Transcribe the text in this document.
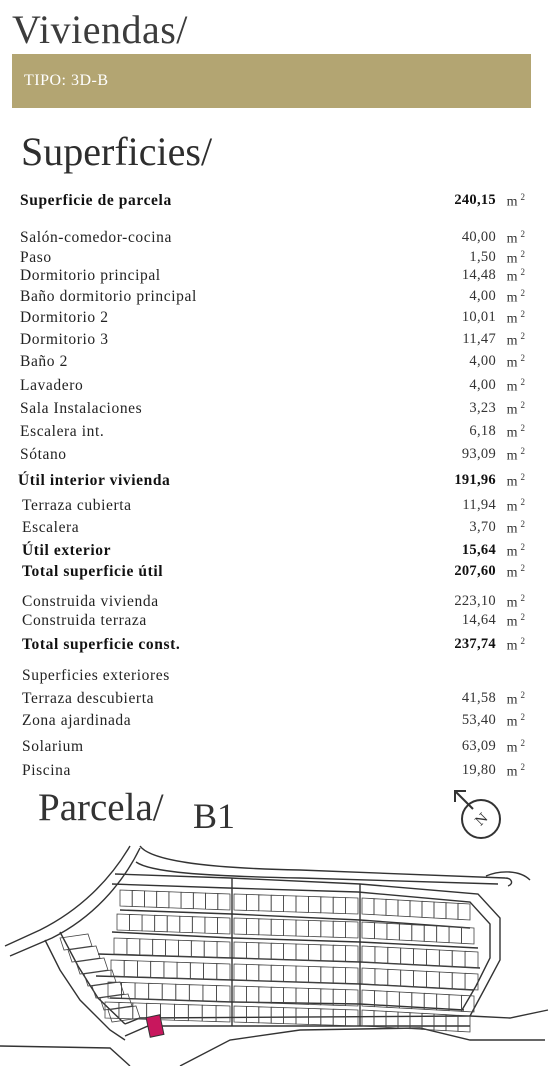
Viviendas/
TIPO: 3D-B
Superficies/
Superficie de parcela	240,15 m $^2$
Salón-comedor-cocina	40,00 m $^2$
Paso	1,50 m $^2$
Dormitorio principal	14,48 m $^2$
Baño dormitorio principal	4,00 m $^2$
Dormitorio 2	10,01 m $^2$
Dormitorio 3	11,47 m $^2$
Baño 2	4,00 m $^2$
Lavadero	4,00 m $^2$
Sala Instalaciones	3,23 m $^2$
Escalera int.	6,18 m $^2$
Sótano	93,09 m $^2$
Útil interior vivienda	191,96 m $^2$
Terraza cubierta	11,94 m $^2$
Escalera	3,70 m $^2$
Útil exterior	15,64 m $^2$
Total superficie útil	207,60 m $^2$
Construida vivienda	223,10 m $^2$
Construida terraza	14,64 m $^2$
Total superficie const.	237,74 m $^2$
Superficies exteriores
Terraza descubierta	41,58 m $^2$
Zona ajardinada	53,40 m $^2$
Solarium	63,09 m $^2$
Piscina	19,80 m $^2$
Parcela/ B1	N
